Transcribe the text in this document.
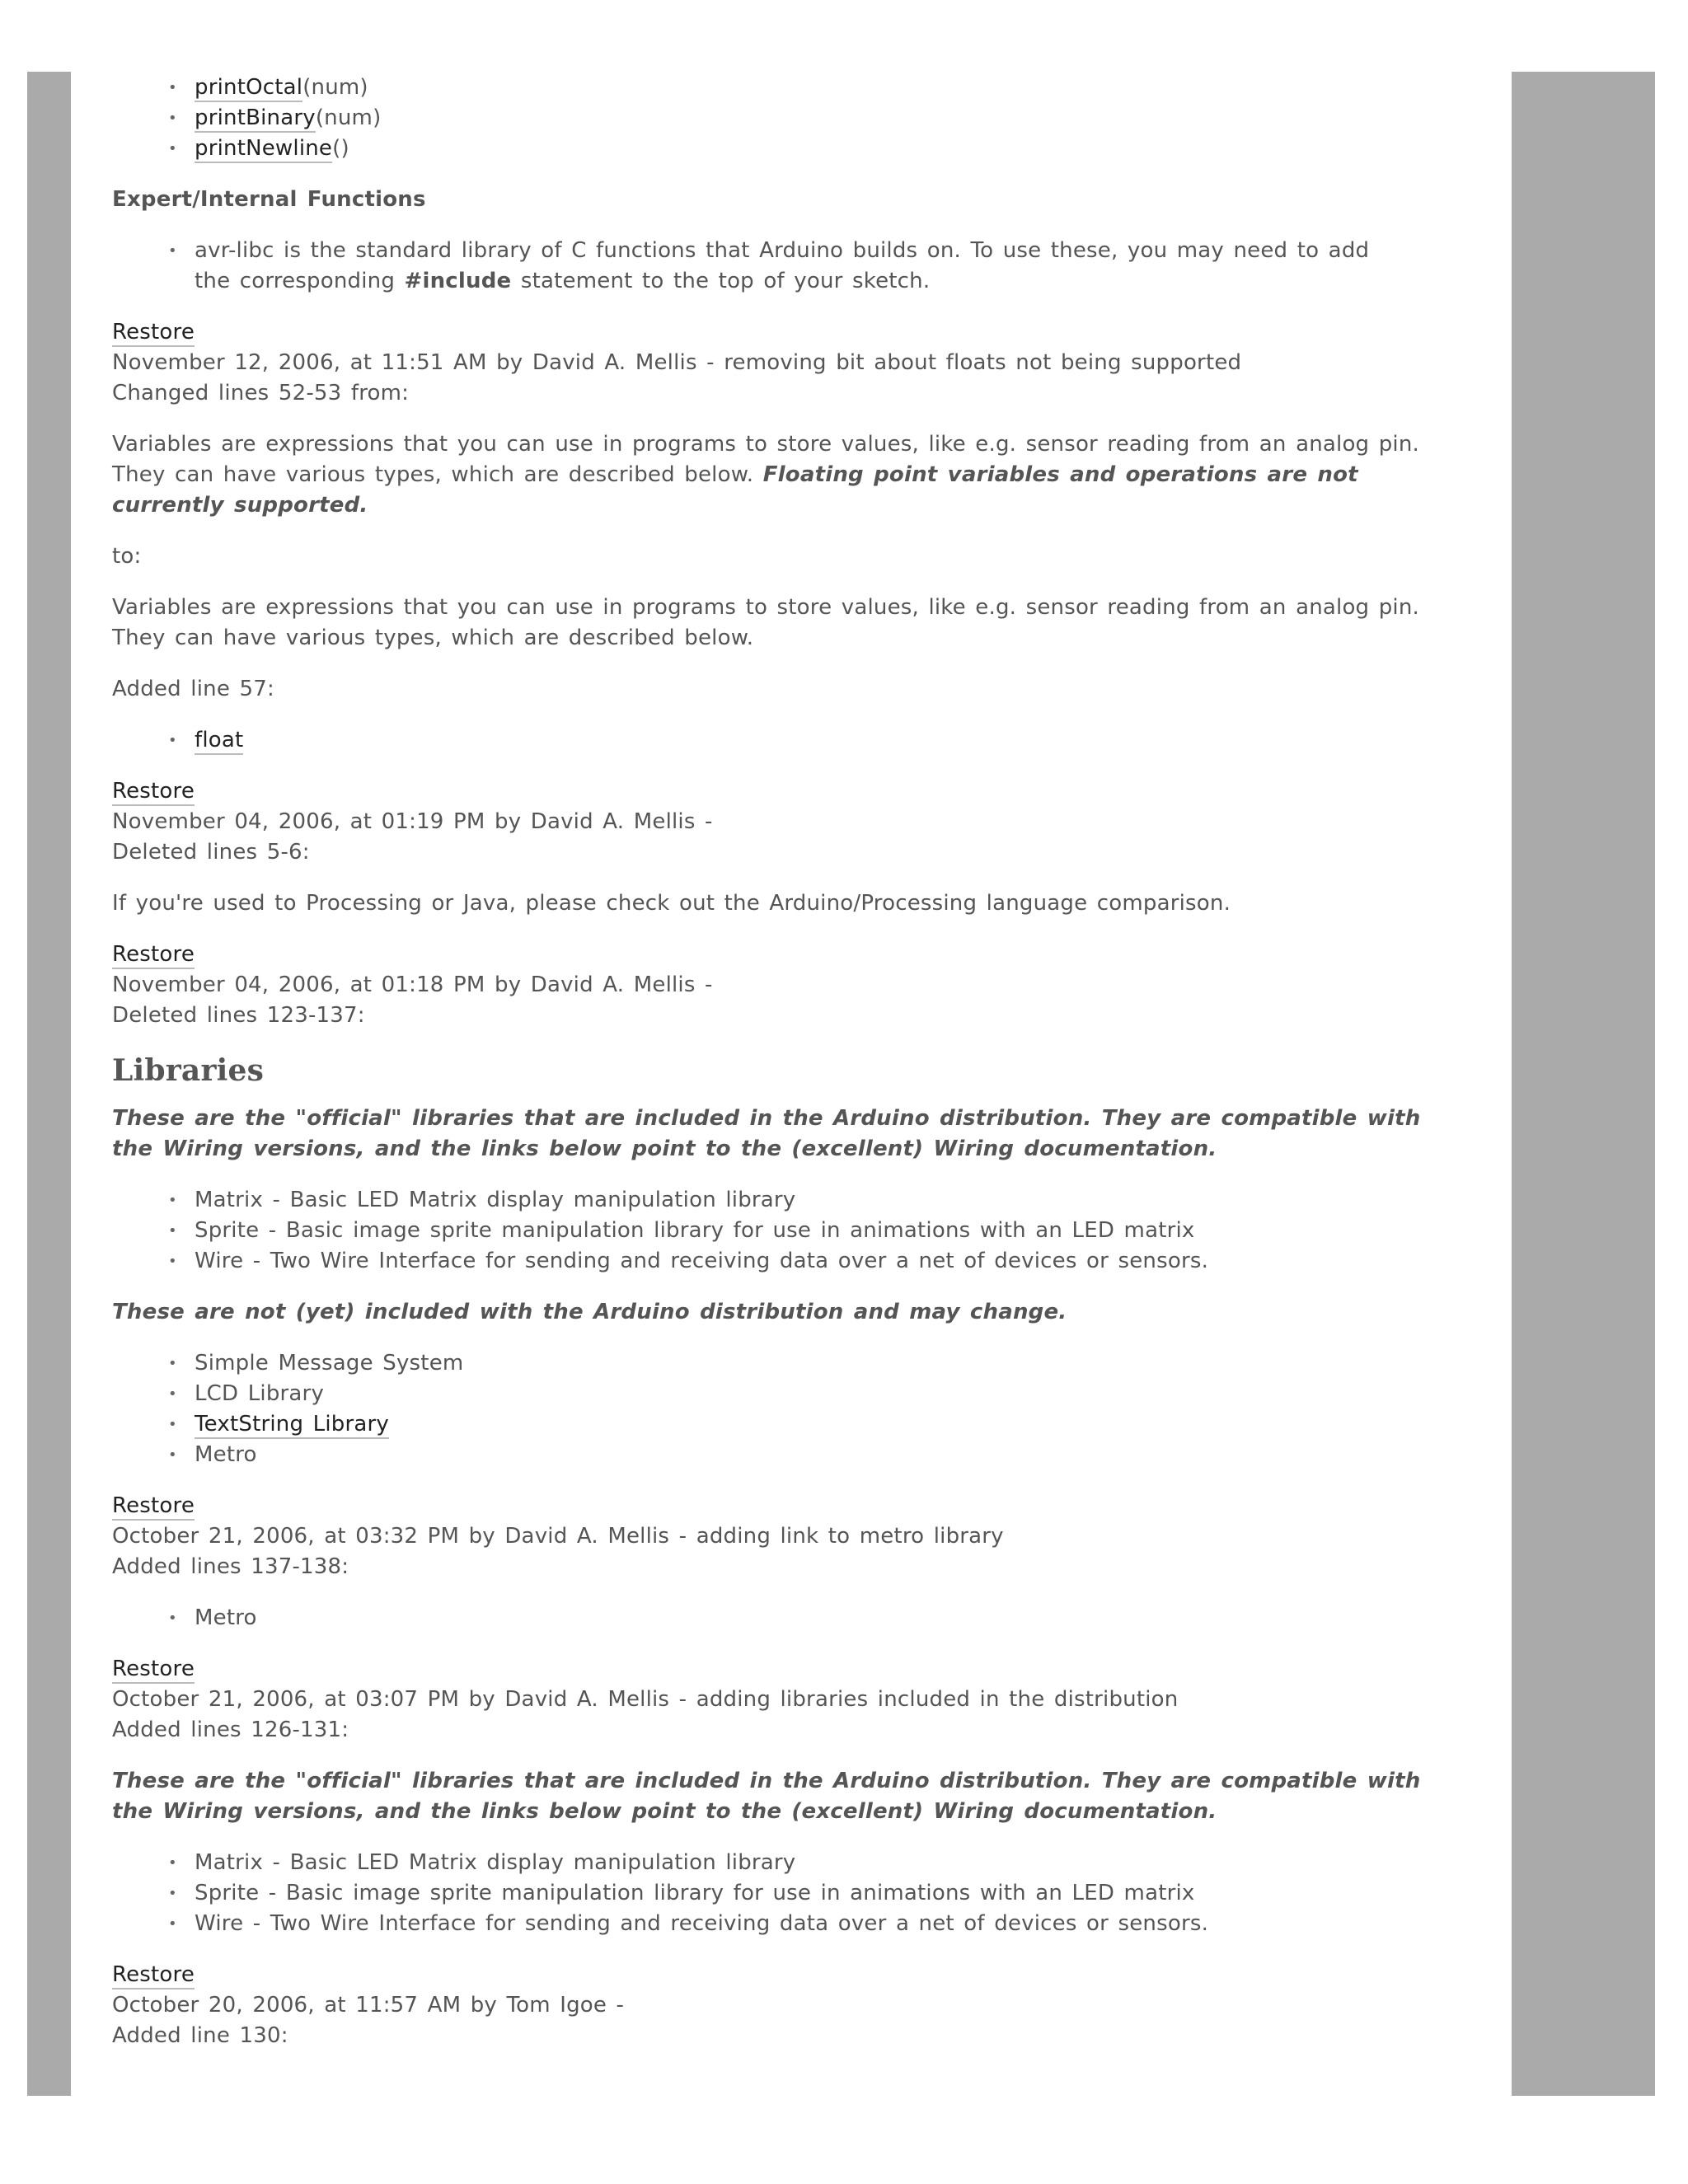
• printOctal(num)
• printBinary(num)
• printNewline()

Expert/Internal Functions

• avr-libc is the standard library of C functions that Arduino builds on. To use these, you may need to add the corresponding #include statement to the top of your sketch.

Restore
November 12, 2006, at 11:51 AM by David A. Mellis - removing bit about floats not being supported
Changed lines 52-53 from:

Variables are expressions that you can use in programs to store values, like e.g. sensor reading from an analog pin. They can have various types, which are described below. Floating point variables and operations are not currently supported.

to:

Variables are expressions that you can use in programs to store values, like e.g. sensor reading from an analog pin. They can have various types, which are described below.

Added line 57:

• float

Restore
November 04, 2006, at 01:19 PM by David A. Mellis -
Deleted lines 5-6:

If you're used to Processing or Java, please check out the Arduino/Processing language comparison.

Restore
November 04, 2006, at 01:18 PM by David A. Mellis -
Deleted lines 123-137:

Libraries

These are the "official" libraries that are included in the Arduino distribution. They are compatible with the Wiring versions, and the links below point to the (excellent) Wiring documentation.

• Matrix - Basic LED Matrix display manipulation library
• Sprite - Basic image sprite manipulation library for use in animations with an LED matrix
• Wire - Two Wire Interface for sending and receiving data over a net of devices or sensors.

These are not (yet) included with the Arduino distribution and may change.

• Simple Message System
• LCD Library
• TextString Library
• Metro

Restore
October 21, 2006, at 03:32 PM by David A. Mellis - adding link to metro library
Added lines 137-138:

• Metro

Restore
October 21, 2006, at 03:07 PM by David A. Mellis - adding libraries included in the distribution
Added lines 126-131:

These are the "official" libraries that are included in the Arduino distribution. They are compatible with the Wiring versions, and the links below point to the (excellent) Wiring documentation.

• Matrix - Basic LED Matrix display manipulation library
• Sprite - Basic image sprite manipulation library for use in animations with an LED matrix
• Wire - Two Wire Interface for sending and receiving data over a net of devices or sensors.

Restore
October 20, 2006, at 11:57 AM by Tom Igoe -
Added line 130:
